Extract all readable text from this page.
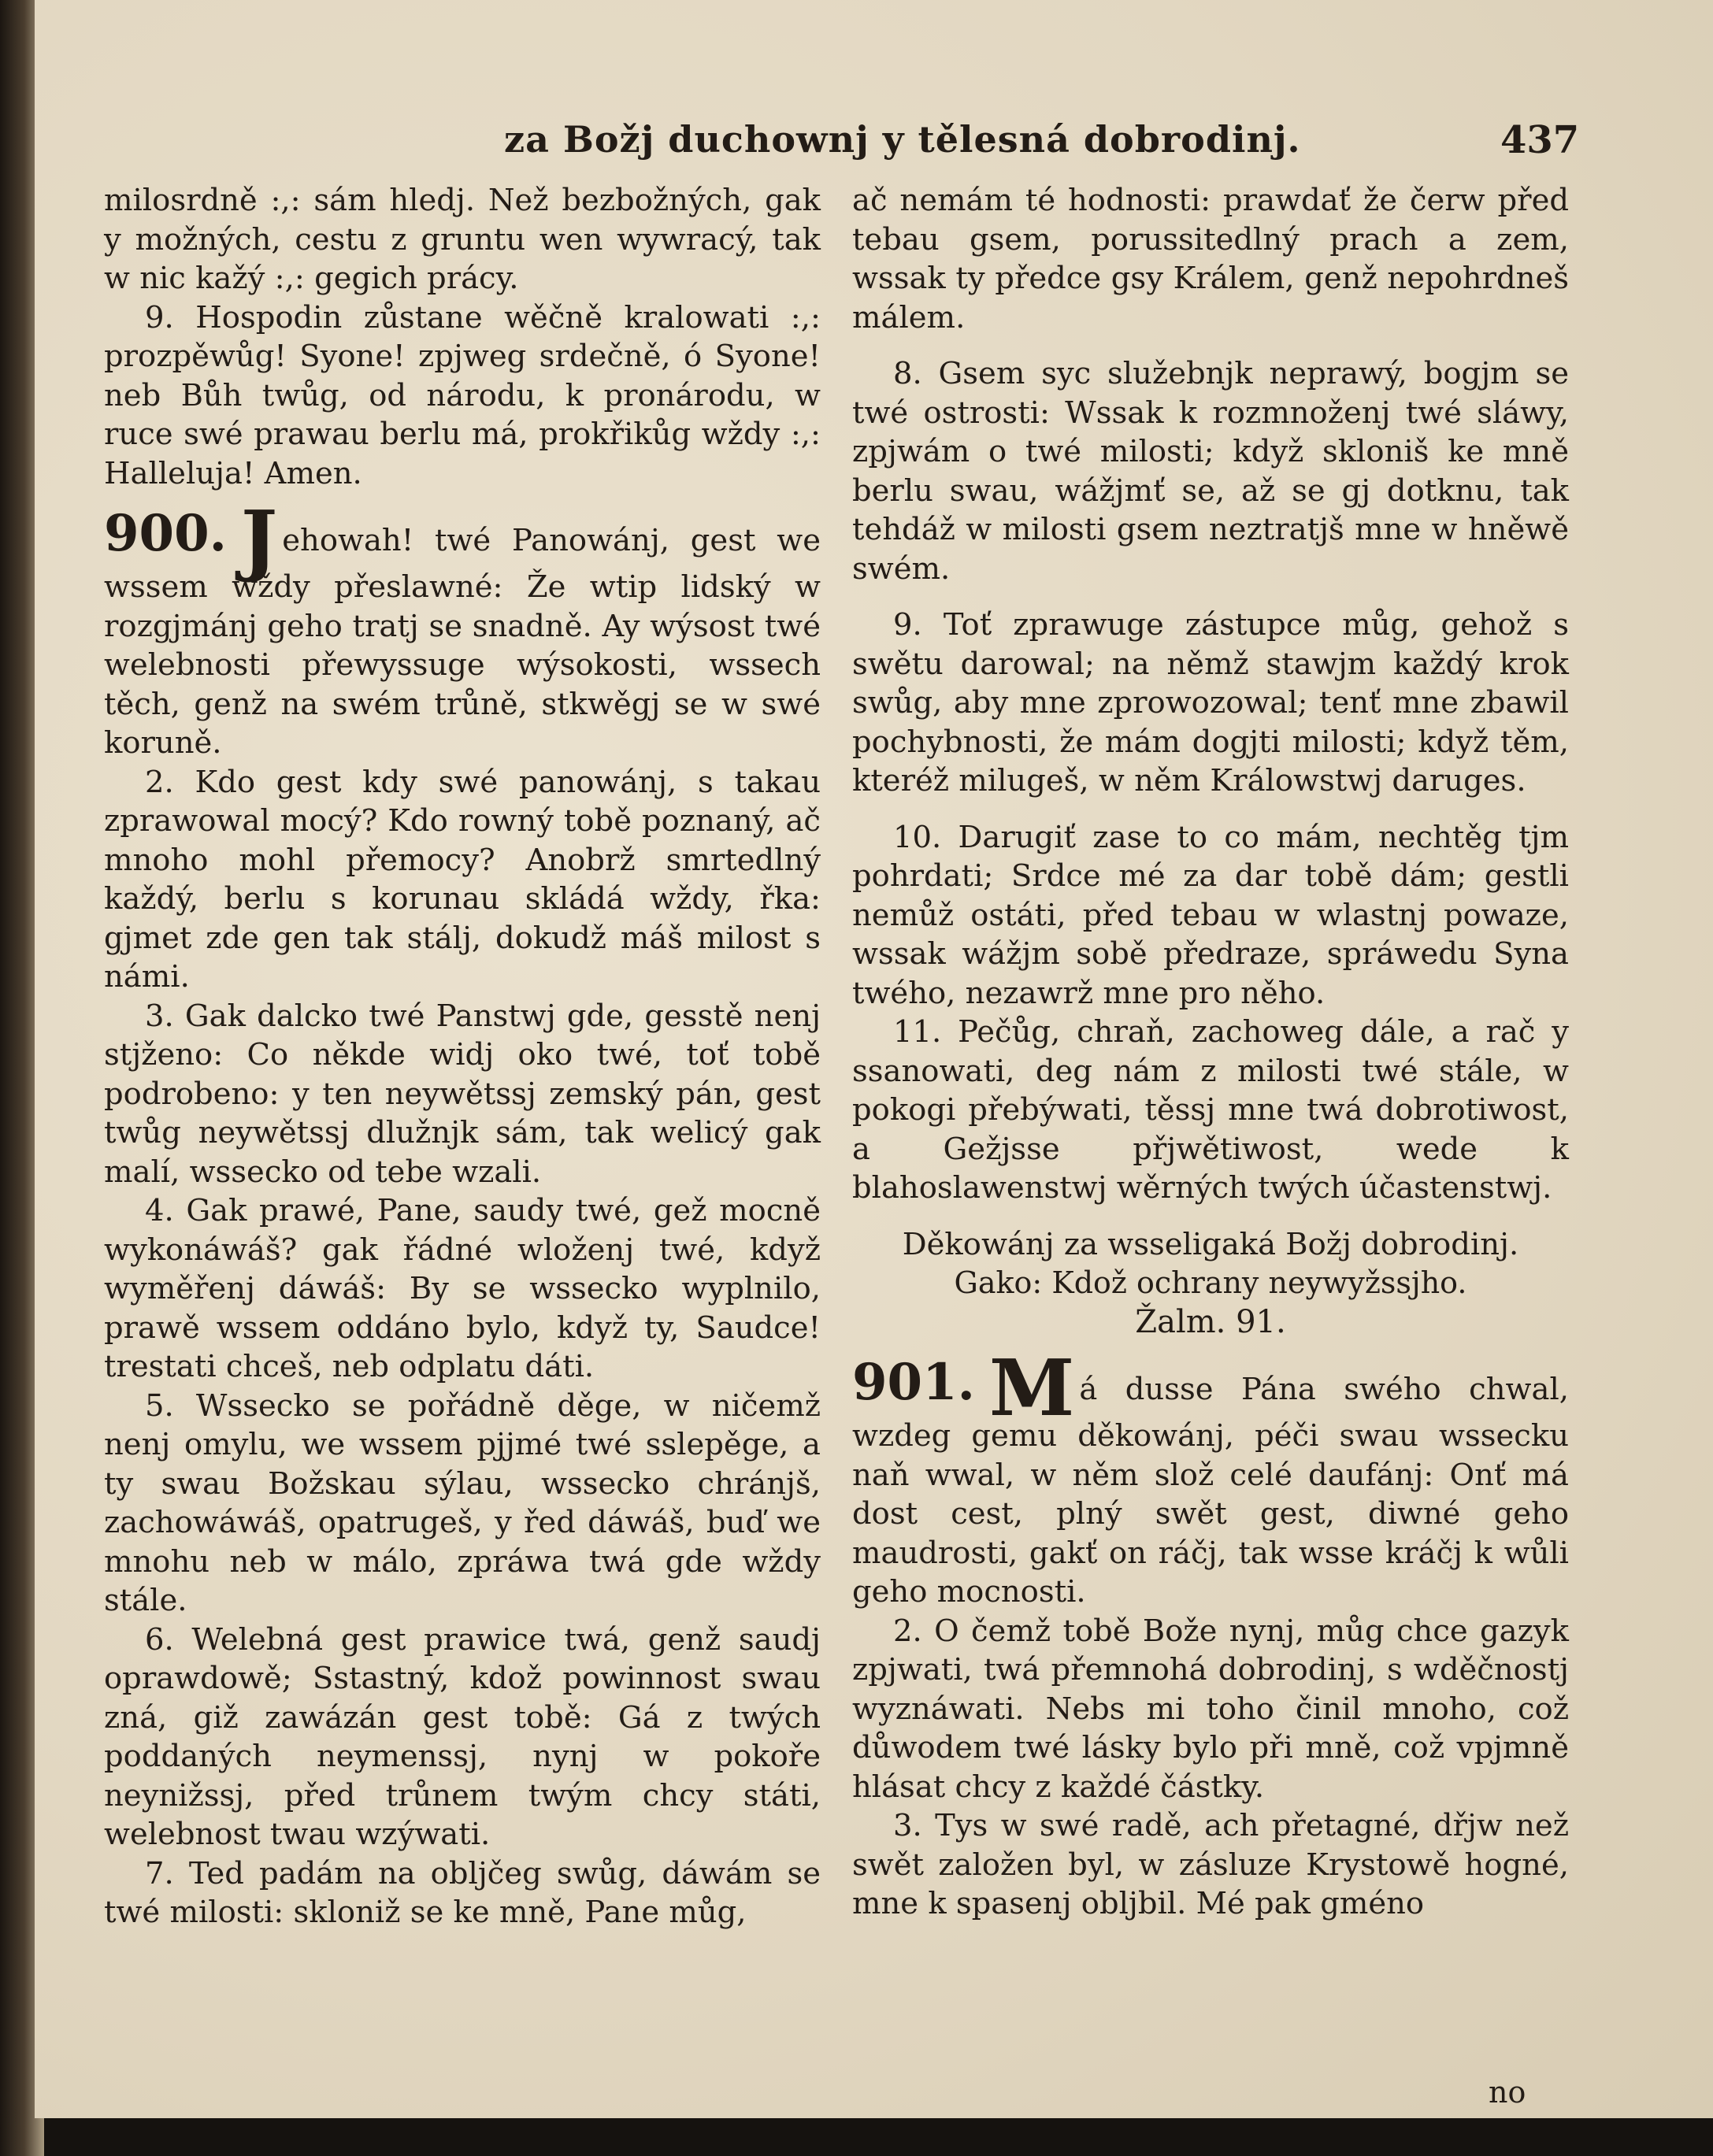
za Božj duchownj y tělesná dobrodinj.	437

milosrdně :,: sám hledj. Než bezbožných, gak y možných, cestu z gruntu wen wywracý, tak w nic kažý :,: gegich prácy.

9. Hospodin zůstane wěčně kralowati :,: prozpěwůg! Syone! zpjweg srdečně, ó Syone! neb Bůh twůg, od národu, k pronárodu, w ruce swé prawau berlu má, prokřikůg wždy :,: Halleluja! Amen.

900. J ehowah! twé Panowánj, gest we wssem wždy přeslawné: Že wtip lidský w rozgjmánj geho tratj se snadně. Ay wýsost twé welebnosti přewyssuge wýsokosti, wssech těch, genž na swém trůně, stkwěgj se w swé koruně.

2. Kdo gest kdy swé panowánj, s takau zprawowal mocý? Kdo rowný tobě poznaný, ač mnoho mohl přemocy? Anobrž smrtedlný každý, berlu s korunau skládá wždy, řka: gjmet zde gen tak stálj, dokudž máš milost s námi.

3. Gak dalcko twé Panstwj gde, gesstě nenj stjženo: Co někde widj oko twé, toť tobě podrobeno: y ten neywětssj zemský pán, gest twůg neywětssj dlužnjk sám, tak welicý gak malí, wssecko od tebe wzali.

4. Gak prawé, Pane, saudy twé, gež mocně wykonáwáš? gak řádné wloženj twé, když wyměřenj dáwáš: By se wssecko wyplnilo, prawě wssem oddáno bylo, když ty, Saudce! trestati chceš, neb odplatu dáti.

5. Wssecko se pořádně děge, w ničemž nenj omylu, we wssem pjjmé twé sslepěge, a ty swau Božskau sýlau, wssecko chránjš, zachowáwáš, opatrugeš, y řed dáwáš, buď we mnohu neb w málo, zpráwa twá gde wždy stále.

6. Welebná gest prawice twá, genž saudj oprawdowě; Sstastný, kdož powinnost swau zná, giž zawázán gest tobě: Gá z twých poddaných neymenssj, nynj w pokoře neynižssj, před trůnem twým chcy státi, welebnost twau wzýwati.

7. Ted padám na obljčeg swůg, dáwám se twé milosti: skloniž se ke mně, Pane můg,

ač nemám té hodnosti: prawdať že čerw před tebau gsem, porussitedlný prach a zem, wssak ty předce gsy Králem, genž nepohrdneš málem.

8. Gsem syc služebnjk neprawý, bogjm se twé ostrosti: Wssak k rozmnoženj twé sláwy, zpjwám o twé milosti; když skloniš ke mně berlu swau, wážjmť se, až se gj dotknu, tak tehdáž w milosti gsem neztratjš mne w hněwě swém.

9. Toť zprawuge zástupce můg, gehož s swětu darowal; na němž stawjm každý krok swůg, aby mne zprowozowal; tenť mne zbawil pochybnosti, že mám dogjti milosti; když těm, kteréž milugeš, w něm Králowstwj daruges.

10. Darugiť zase to co mám, nechtěg tjm pohrdati; Srdce mé za dar tobě dám; gestli nemůž ostáti, před tebau w wlastnj powaze, wssak wážjm sobě předraze, spráwedu Syna twého, nezawrž mne pro něho.

11. Pečůg, chraň, zachoweg dále, a rač y ssanowati, deg nám z milosti twé stále, w pokogi přebýwati, těssj mne twá dobrotiwost, a Gežjsse přjwětiwost, wede k blahoslawenstwj wěrných twých účastenstwj.

Děkowánj za wsseligaká Božj dobrodinj.

Gako: Kdož ochrany neywyžssjho.

Žalm. 91.

901. M á dusse Pána swého chwal, wzdeg gemu děkowánj, péči swau wssecku naň wwal, w něm slož celé daufánj: Onť má dost cest, plný swět gest, diwné geho maudrosti, gakť on ráčj, tak wsse kráčj k wůli geho mocnosti.

2. O čemž tobě Bože nynj, můg chce gazyk zpjwati, twá přemnohá dobrodinj, s wděčnostj wyznáwati. Nebs mi toho činil mnoho, což důwodem twé lásky bylo při mně, což vpjmně hlásat chcy z každé částky.

3. Tys w swé radě, ach přetagné, dřjw než swět založen byl, w zásluze Krystowě hogné, mne k spasenj obljbil. Mé pak gméno

no
